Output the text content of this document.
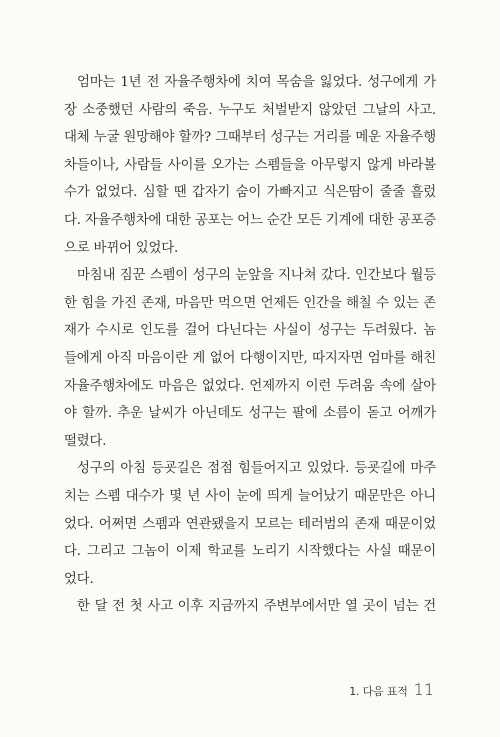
엄마는 1년 전 자율주행차에 치여 목숨을 잃었다. 성구에게 가
장 소중했던 사람의 죽음. 누구도 처벌받지 않았던 그날의 사고.
대체 누굴 원망해야 할까? 그때부터 성구는 거리를 메운 자율주행
차들이나, 사람들 사이를 오가는 스펨들을 아무렇지 않게 바라볼
수가 없었다. 심할 땐 갑자기 숨이 가빠지고 식은땀이 줄줄 흘렀
다. 자율주행차에 대한 공포는 어느 순간 모든 기계에 대한 공포증
으로 바뀌어 있었다.
마침내 짐꾼 스펨이 성구의 눈앞을 지나쳐 갔다. 인간보다 월등
한 힘을 가진 존재, 마음만 먹으면 언제든 인간을 해칠 수 있는 존
재가 수시로 인도를 걸어 다닌다는 사실이 성구는 두려웠다. 놈
들에게 아직 마음이란 게 없어 다행이지만, 따지자면 엄마를 해친
자율주행차에도 마음은 없었다. 언제까지 이런 두려움 속에 살아
야 할까. 추운 날씨가 아닌데도 성구는 팔에 소름이 돋고 어깨가
떨렸다.
성구의 아침 등굣길은 점점 힘들어지고 있었다. 등굣길에 마주
치는 스펨 대수가 몇 년 사이 눈에 띄게 늘어났기 때문만은 아니
었다. 어쩌면 스펨과 연관됐을지 모르는 테러범의 존재 때문이었
다. 그리고 그놈이 이제 학교를 노리기 시작했다는 사실 때문이
었다.
한 달 전 첫 사고 이후 지금까지 주변부에서만 열 곳이 넘는 건
1. 다음 표적 11
